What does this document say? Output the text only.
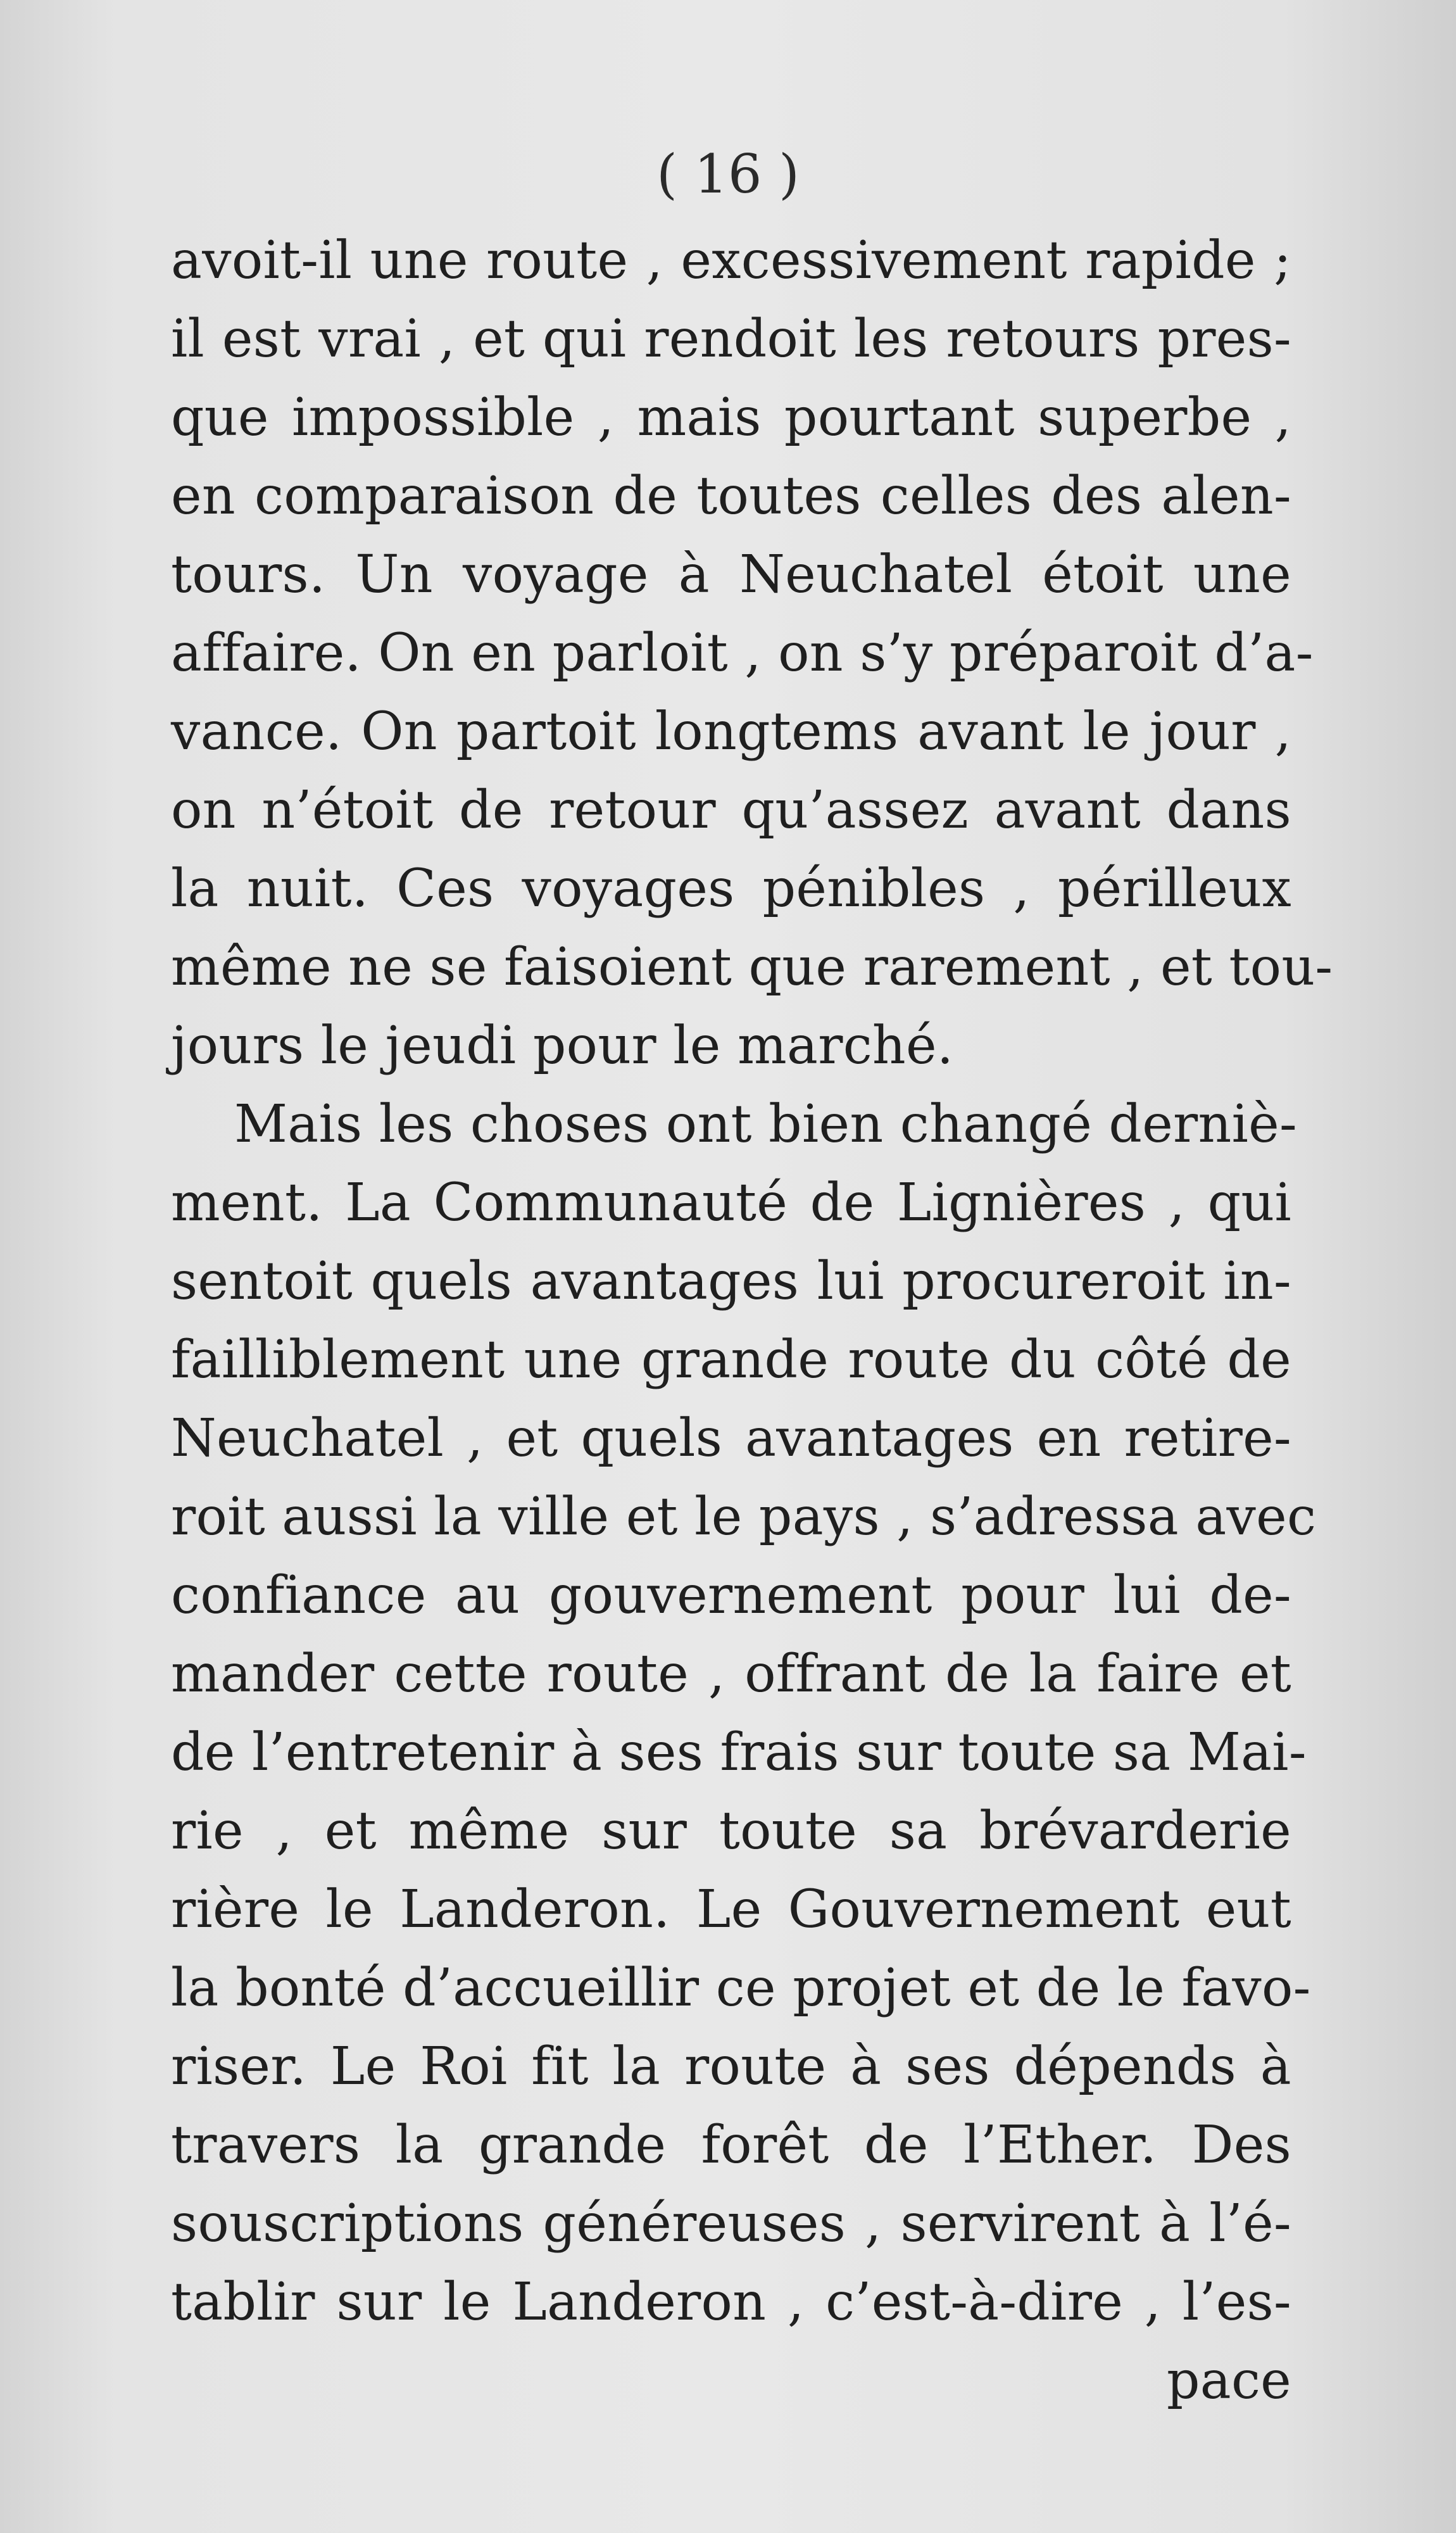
( 16 )
avoit-il une route , excessivement rapide ;
il est vrai , et qui rendoit les retours pres-
que impossible , mais pourtant superbe ,
en comparaison de toutes celles des alen-
tours. Un voyage à Neuchatel étoit une
affaire. On en parloit , on s’y préparoit d’a-
vance. On partoit longtems avant le jour ,
on n’étoit de retour qu’assez avant dans
la nuit. Ces voyages pénibles , périlleux
même ne se faisoient que rarement , et tou-
jours le jeudi pour le marché.
Mais les choses ont bien changé derniè-
ment. La Communauté de Lignières , qui
sentoit quels avantages lui procureroit in-
failliblement une grande route du côté de
Neuchatel , et quels avantages en retire-
roit aussi la ville et le pays , s’adressa avec
confiance au gouvernement pour lui de-
mander cette route , offrant de la faire et
de l’entretenir à ses frais sur toute sa Mai-
rie , et même sur toute sa brévarderie
rière le Landeron. Le Gouvernement eut
la bonté d’accueillir ce projet et de le favo-
riser. Le Roi fit la route à ses dépends à
travers la grande forêt de l’Ether. Des
souscriptions généreuses , servirent à l’é-
tablir sur le Landeron , c’est-à-dire , l’es-
pace
